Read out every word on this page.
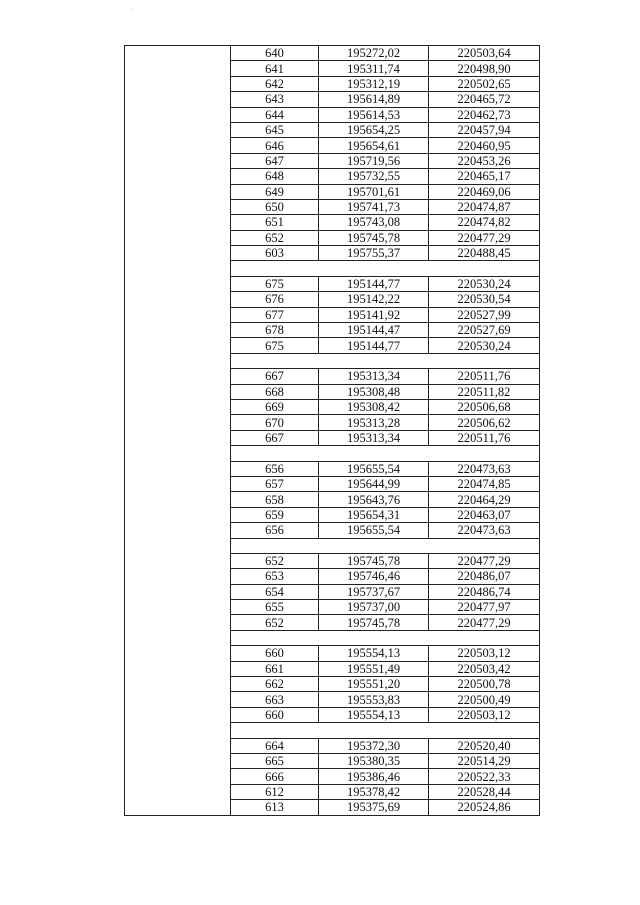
·
	640	195272,02	220503,64
	641	195311,74	220498,90
	642	195312,19	220502,65
	643	195614,89	220465,72
	644	195614,53	220462,73
	645	195654,25	220457,94
	646	195654,61	220460,95
	647	195719,56	220453,26
	648	195732,55	220465,17
	649	195701,61	220469,06
	650	195741,73	220474,87
	651	195743,08	220474,82
	652	195745,78	220477,29
	603	195755,37	220488,45

	675	195144,77	220530,24
	676	195142,22	220530,54
	677	195141,92	220527,99
	678	195144,47	220527,69
	675	195144,77	220530,24

	667	195313,34	220511,76
	668	195308,48	220511,82
	669	195308,42	220506,68
	670	195313,28	220506,62
	667	195313,34	220511,76

	656	195655,54	220473,63
	657	195644,99	220474,85
	658	195643,76	220464,29
	659	195654,31	220463,07
	656	195655,54	220473,63

	652	195745,78	220477,29
	653	195746,46	220486,07
	654	195737,67	220486,74
	655	195737,00	220477,97
	652	195745,78	220477,29

	660	195554,13	220503,12
	661	195551,49	220503,42
	662	195551,20	220500,78
	663	195553,83	220500,49
	660	195554,13	220503,12

	664	195372,30	220520,40
	665	195380,35	220514,29
	666	195386,46	220522,33
	612	195378,42	220528,44
	613	195375,69	220524,86
